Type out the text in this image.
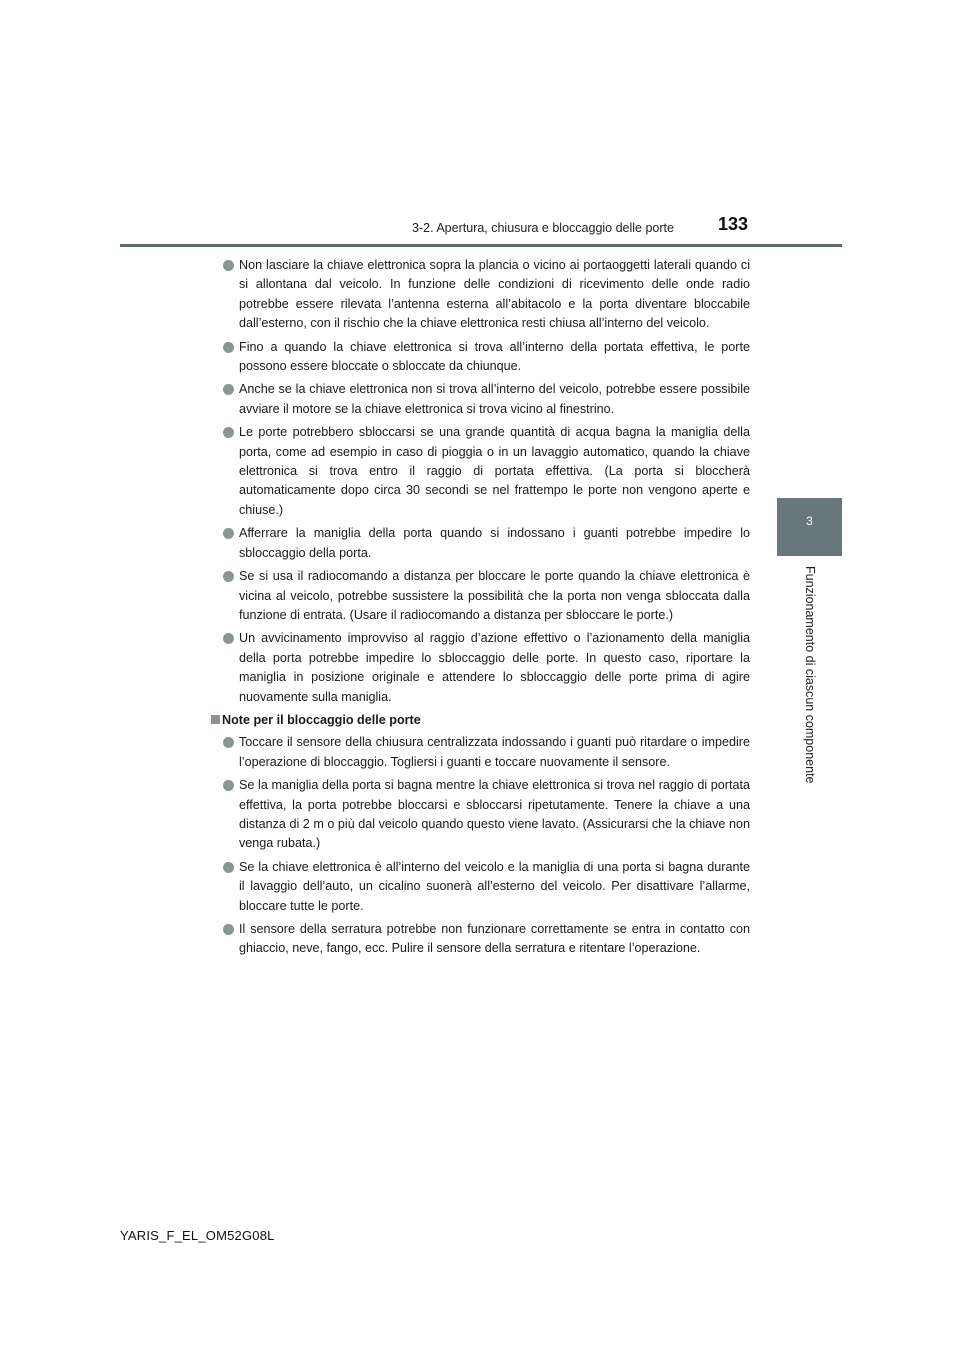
3-2. Apertura, chiusura e bloccaggio delle porte 133
3
Funzionamento di ciascun componente
Non lasciare la chiave elettronica sopra la plancia o vicino ai portaoggetti laterali quando ci si allontana dal veicolo. In funzione delle condizioni di ricevimento delle onde radio potrebbe essere rilevata l’antenna esterna all’abitacolo e la porta diventare bloccabile dall’esterno, con il rischio che la chiave elettronica resti chiusa all’interno del veicolo.
Fino a quando la chiave elettronica si trova all’interno della portata effettiva, le porte possono essere bloccate o sbloccate da chiunque.
Anche se la chiave elettronica non si trova all’interno del veicolo, potrebbe essere possibile avviare il motore se la chiave elettronica si trova vicino al finestrino.
Le porte potrebbero sbloccarsi se una grande quantità di acqua bagna la maniglia della porta, come ad esempio in caso di pioggia o in un lavaggio automatico, quando la chiave elettronica si trova entro il raggio di portata effettiva. (La porta si bloccherà automaticamente dopo circa 30 secondi se nel frattempo le porte non vengono aperte e chiuse.)
Afferrare la maniglia della porta quando si indossano i guanti potrebbe impedire lo sbloccaggio della porta.
Se si usa il radiocomando a distanza per bloccare le porte quando la chiave elettronica è vicina al veicolo, potrebbe sussistere la possibilità che la porta non venga sbloccata dalla funzione di entrata. (Usare il radiocomando a distanza per sbloccare le porte.)
Un avvicinamento improvviso al raggio d’azione effettivo o l’azionamento della maniglia della porta potrebbe impedire lo sbloccaggio delle porte. In questo caso, riportare la maniglia in posizione originale e attendere lo sbloccaggio delle porte prima di agire nuovamente sulla maniglia.
Note per il bloccaggio delle porte
Toccare il sensore della chiusura centralizzata indossando i guanti può ritardare o impedire l’operazione di bloccaggio. Togliersi i guanti e toccare nuovamente il sensore.
Se la maniglia della porta si bagna mentre la chiave elettronica si trova nel raggio di portata effettiva, la porta potrebbe bloccarsi e sbloccarsi ripetutamente. Tenere la chiave a una distanza di 2 m o più dal veicolo quando questo viene lavato. (Assicurarsi che la chiave non venga rubata.)
Se la chiave elettronica è all’interno del veicolo e la maniglia di una porta si bagna durante il lavaggio dell’auto, un cicalino suonerà all’esterno del veicolo. Per disattivare l’allarme, bloccare tutte le porte.
Il sensore della serratura potrebbe non funzionare correttamente se entra in contatto con ghiaccio, neve, fango, ecc. Pulire il sensore della serratura e ritentare l’operazione.
YARIS_F_EL_OM52G08L
